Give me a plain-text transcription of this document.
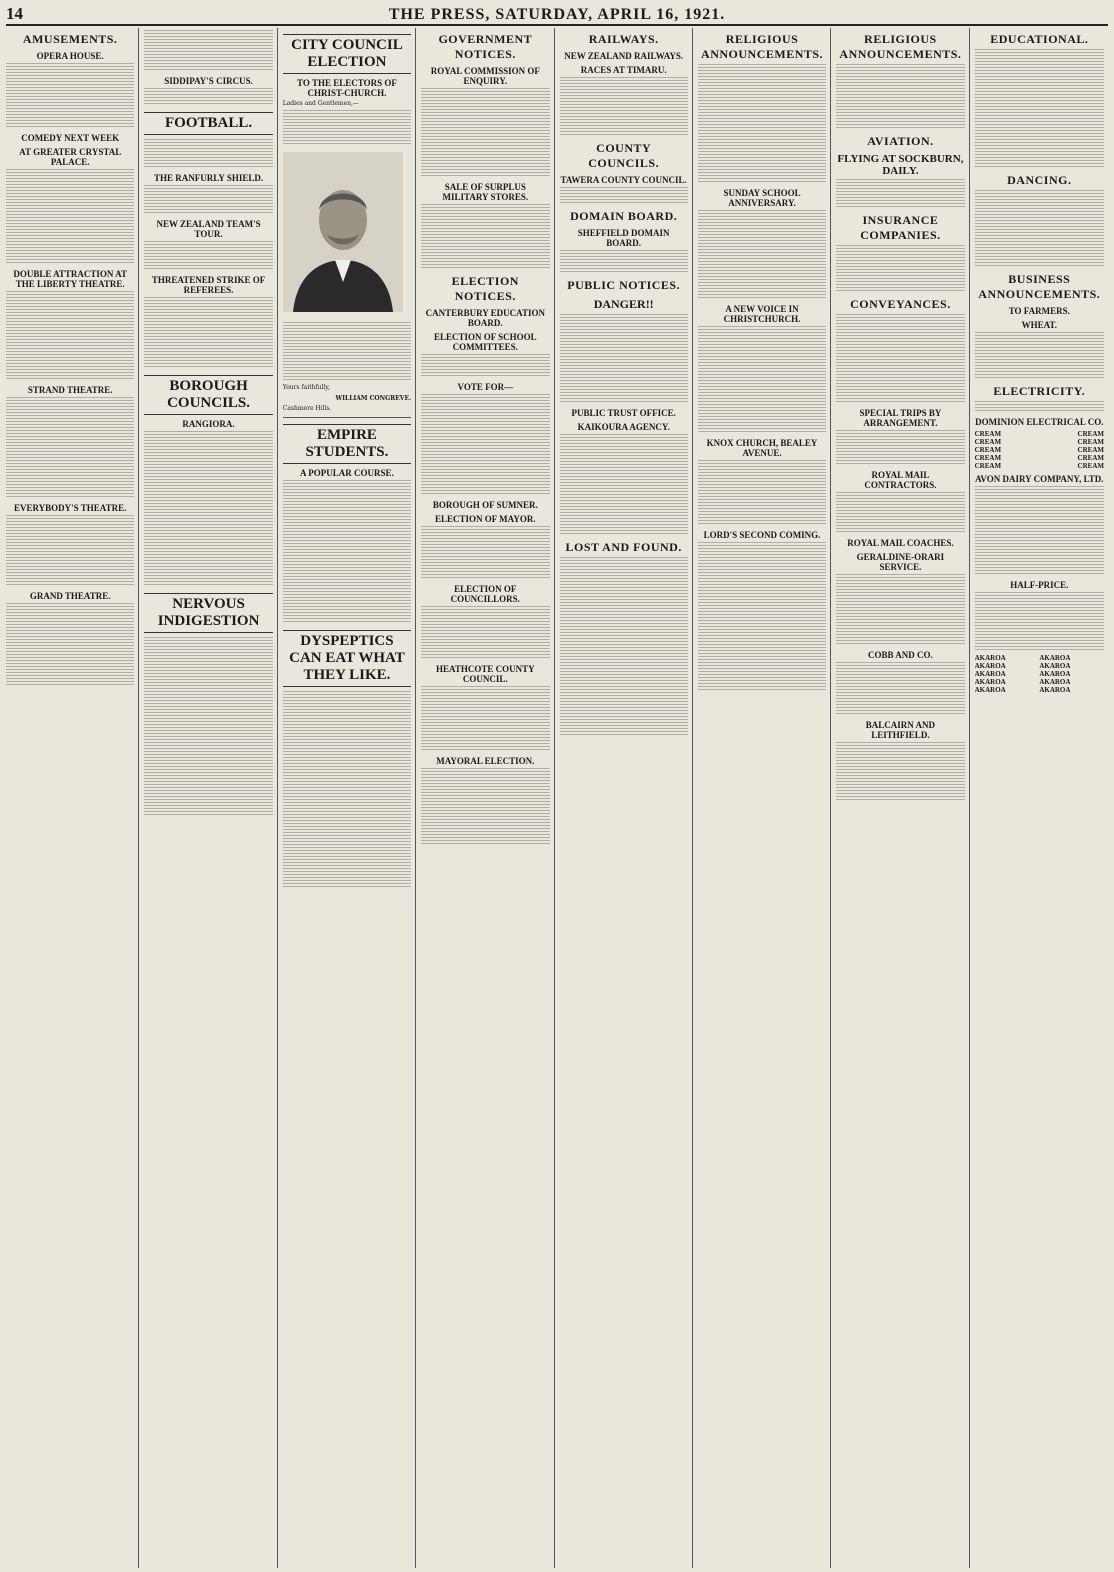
14	THE PRESS, SATURDAY, APRIL 16, 1921.
AMUSEMENTS.
OPERA HOUSE.
COMEDY NEXT WEEK
AT GREATER CRYSTAL PALACE.
DOUBLE ATTRACTION AT THE LIBERTY THEATRE.
STRAND THEATRE.
EVERYBODY'S THEATRE.
GRAND THEATRE.
SIDDIPAY'S CIRCUS.
FOOTBALL.
THE RANFURLY SHIELD.
NEW ZEALAND TEAM'S TOUR.
THREATENED STRIKE OF REFEREES.
BOROUGH COUNCILS.
RANGIORA.
NERVOUS INDIGESTION
CITY COUNCIL ELECTION
TO THE ELECTORS OF CHRIST-CHURCH.

Ladies and Gentlemen,—

Yours faithfully,

WILLIAM CONGREVE.

Cashmere Hills.

EMPIRE STUDENTS.
A POPULAR COURSE.
DYSPEPTICS CAN EAT WHAT THEY LIKE.
GOVERNMENT NOTICES.
ROYAL COMMISSION OF ENQUIRY.
SALE OF SURPLUS MILITARY STORES.
ELECTION NOTICES.
CANTERBURY EDUCATION BOARD.
ELECTION OF SCHOOL COMMITTEES.
VOTE FOR—
BOROUGH OF SUMNER.
ELECTION OF MAYOR.
ELECTION OF COUNCILLORS.
HEATHCOTE COUNTY COUNCIL.
MAYORAL ELECTION.
RAILWAYS.
NEW ZEALAND RAILWAYS.
RACES AT TIMARU.
COUNTY COUNCILS.
TAWERA COUNTY COUNCIL.
DOMAIN BOARD.
SHEFFIELD DOMAIN BOARD.
PUBLIC NOTICES.
DANGER!!
PUBLIC TRUST OFFICE.
KAIKOURA AGENCY.
LOST AND FOUND.
RELIGIOUS ANNOUNCEMENTS.
SUNDAY SCHOOL ANNIVERSARY.
A NEW VOICE IN CHRISTCHURCH.
KNOX CHURCH, BEALEY AVENUE.
LORD'S SECOND COMING.
RELIGIOUS ANNOUNCEMENTS.
AVIATION.
FLYING AT SOCKBURN, DAILY.
INSURANCE COMPANIES.
CONVEYANCES.
SPECIAL TRIPS BY ARRANGEMENT.
ROYAL MAIL CONTRACTORS.
ROYAL MAIL COACHES.
GERALDINE-ORARI SERVICE.
COBB AND CO.
BALCAIRN AND LEITHFIELD.
EDUCATIONAL.
DANCING.
BUSINESS ANNOUNCEMENTS.
TO FARMERS.
WHEAT.
ELECTRICITY.
DOMINION ELECTRICAL CO.
CREAM	CREAM
CREAM	CREAM
CREAM	CREAM
CREAM	CREAM
CREAM	CREAM
AVON DAIRY COMPANY, LTD.
HALF-PRICE.
AKAROA	AKAROA
AKAROA	AKAROA
AKAROA	AKAROA
AKAROA	AKAROA
AKAROA	AKAROA
